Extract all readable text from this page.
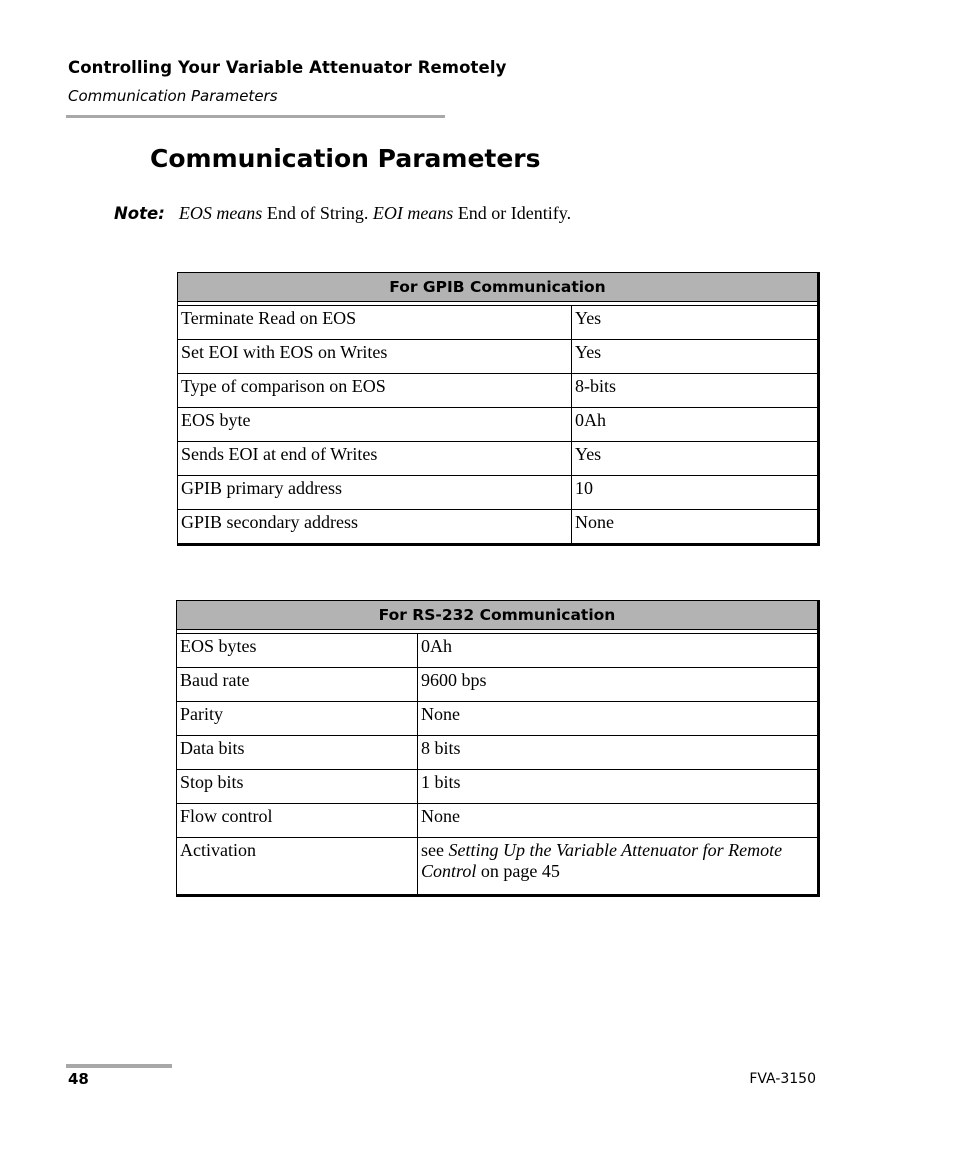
Controlling Your Variable Attenuator Remotely
Communication Parameters
Communication Parameters
Note: EOS means End of String. EOI means End or Identify.
For GPIB Communication	

Terminate Read on EOS	Yes
Set EOI with EOS on Writes	Yes
Type of comparison on EOS	8-bits
EOS byte	0Ah
Sends EOI at end of Writes	Yes
GPIB primary address	10
GPIB secondary address	None
For RS-232 Communication	

EOS bytes	0Ah
Baud rate	9600 bps
Parity	None
Data bits	8 bits
Stop bits	1 bits
Flow control	None
Activation	see Setting Up the Variable Attenuator for Remote Control on page 45
48	FVA-3150
